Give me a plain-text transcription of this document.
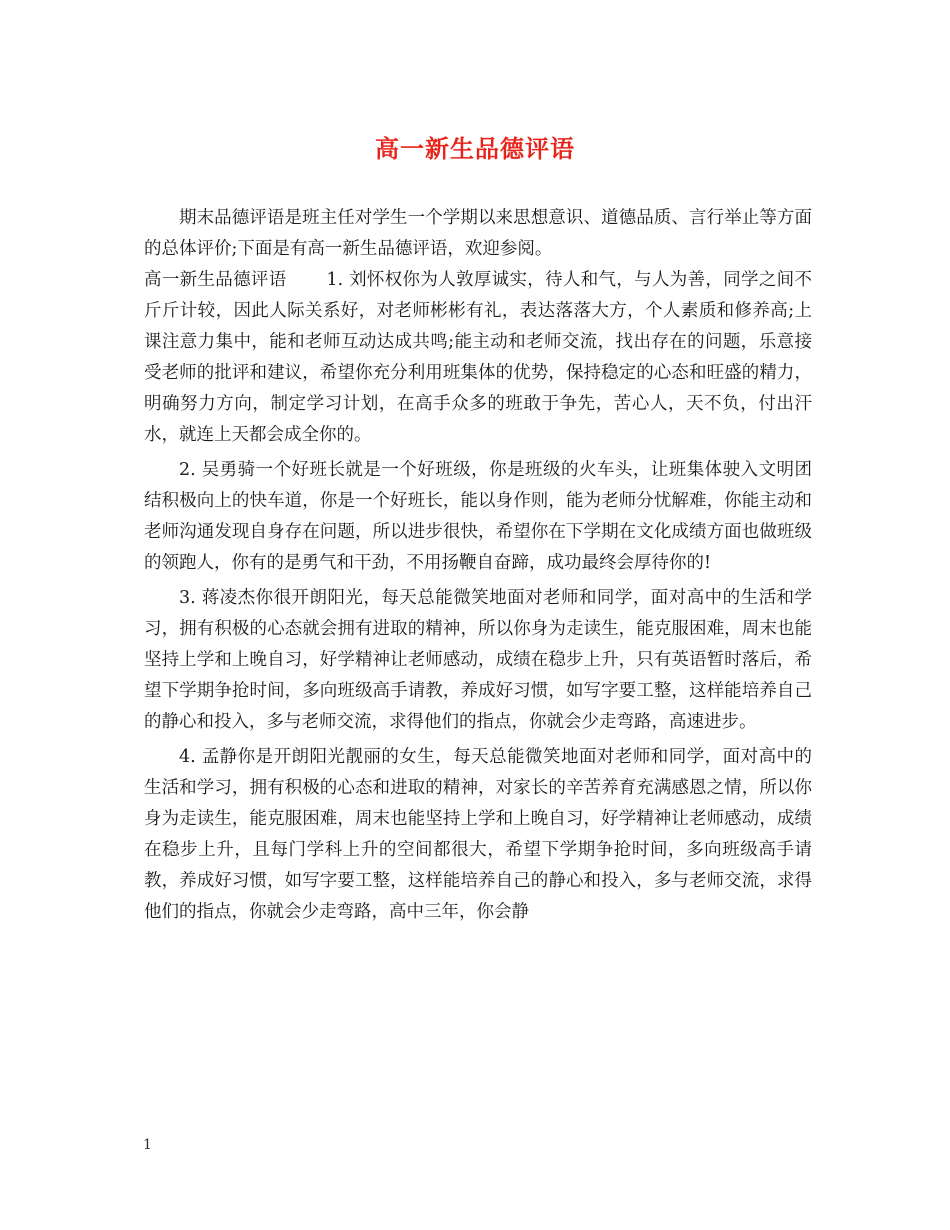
高一新生品德评语

期末品德评语是班主任对学生一个学期以来思想意识、道德品质、言行举止等方面的总体评价;下面是有高一新生品德评语，欢迎参阅。

高一新生品德评语 1. 刘怀权你为人敦厚诚实，待人和气，与人为善，同学之间不斤斤计较，因此人际关系好，对老师彬彬有礼，表达落落大方，个人素质和修养高;上课注意力集中，能和老师互动达成共鸣;能主动和老师交流，找出存在的问题，乐意接受老师的批评和建议，希望你充分利用班集体的优势，保持稳定的心态和旺盛的精力，明确努力方向，制定学习计划，在高手众多的班敢于争先，苦心人，天不负，付出汗水，就连上天都会成全你的。

2. 吴勇骑一个好班长就是一个好班级，你是班级的火车头，让班集体驶入文明团结积极向上的快车道，你是一个好班长，能以身作则，能为老师分忧解难，你能主动和老师沟通发现自身存在问题，所以进步很快，希望你在下学期在文化成绩方面也做班级的领跑人，你有的是勇气和干劲，不用扬鞭自奋蹄，成功最终会厚待你的!

3. 蒋凌杰你很开朗阳光，每天总能微笑地面对老师和同学，面对高中的生活和学习，拥有积极的心态就会拥有进取的精神，所以你身为走读生，能克服困难，周末也能坚持上学和上晚自习，好学精神让老师感动，成绩在稳步上升，只有英语暂时落后，希望下学期争抢时间，多向班级高手请教，养成好习惯，如写字要工整，这样能培养自己的静心和投入，多与老师交流，求得他们的指点，你就会少走弯路，高速进步。

4. 孟静你是开朗阳光靓丽的女生，每天总能微笑地面对老师和同学，面对高中的生活和学习，拥有积极的心态和进取的精神，对家长的辛苦养育充满感恩之情，所以你身为走读生，能克服困难，周末也能坚持上学和上晚自习，好学精神让老师感动，成绩在稳步上升，且每门学科上升的空间都很大，希望下学期争抢时间，多向班级高手请教，养成好习惯，如写字要工整，这样能培养自己的静心和投入，多与老师交流，求得他们的指点，你就会少走弯路，高中三年，你会静

1
